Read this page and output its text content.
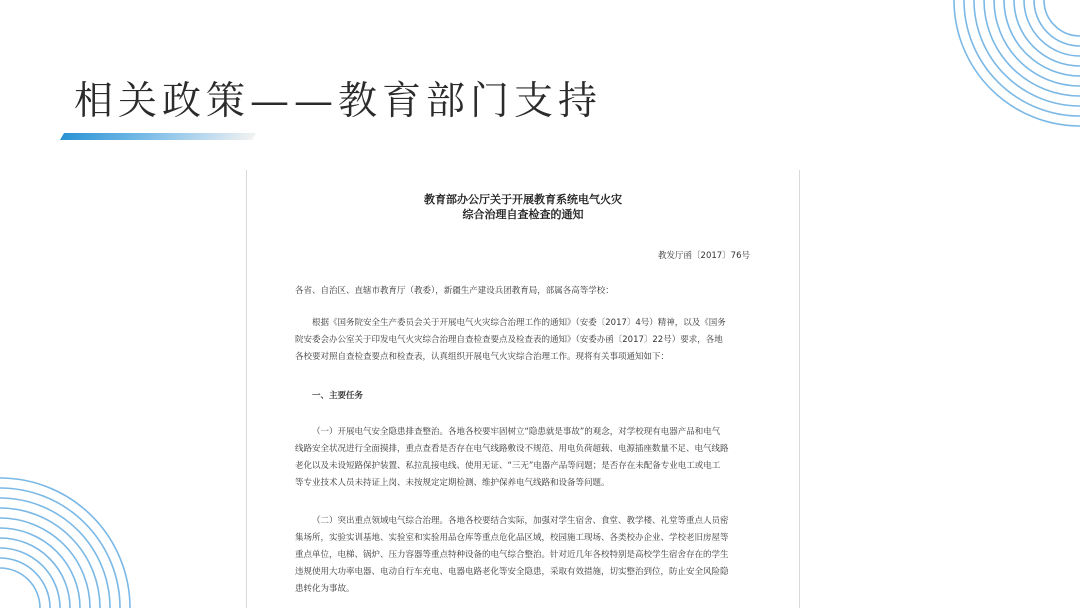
相关政策——教育部门支持
教育部办公厅关于开展教育系统电气火灾
综合治理自查检查的通知
教发厅函〔2017〕76号
各省、自治区、直辖市教育厅（教委），新疆生产建设兵团教育局，部属各高等学校：
根据《国务院安全生产委员会关于开展电气火灾综合治理工作的通知》（安委〔2017〕4号）精神，以及《国务
院安委会办公室关于印发电气火灾综合治理自查检查要点及检查表的通知》（安委办函〔2017〕22号）要求，各地
各校要对照自查检查要点和检查表，认真组织开展电气火灾综合治理工作。现将有关事项通知如下：
一、主要任务
（一）开展电气安全隐患排查整治。各地各校要牢固树立“隐患就是事故”的观念，对学校现有电器产品和电气
线路安全状况进行全面摸排，重点查看是否存在电气线路敷设不规范、用电负荷超载、电源插座数量不足、电气线路
老化以及未设短路保护装置、私拉乱接电线、使用无证、“三无”电器产品等问题；是否存在未配备专业电工或电工
等专业技术人员未持证上岗、未按规定定期检测、维护保养电气线路和设备等问题。
（二）突出重点领域电气综合治理。各地各校要结合实际，加强对学生宿舍、食堂、教学楼、礼堂等重点人员密
集场所，实验实训基地、实验室和实验用品仓库等重点危化品区域，校园施工现场、各类校办企业、学校老旧房屋等
重点单位，电梯、锅炉、压力容器等重点特种设备的电气综合整治。针对近几年各校特别是高校学生宿舍存在的学生
违规使用大功率电器、电动自行车充电、电器电路老化等安全隐患，采取有效措施，切实整治到位，防止安全风险隐
患转化为事故。
